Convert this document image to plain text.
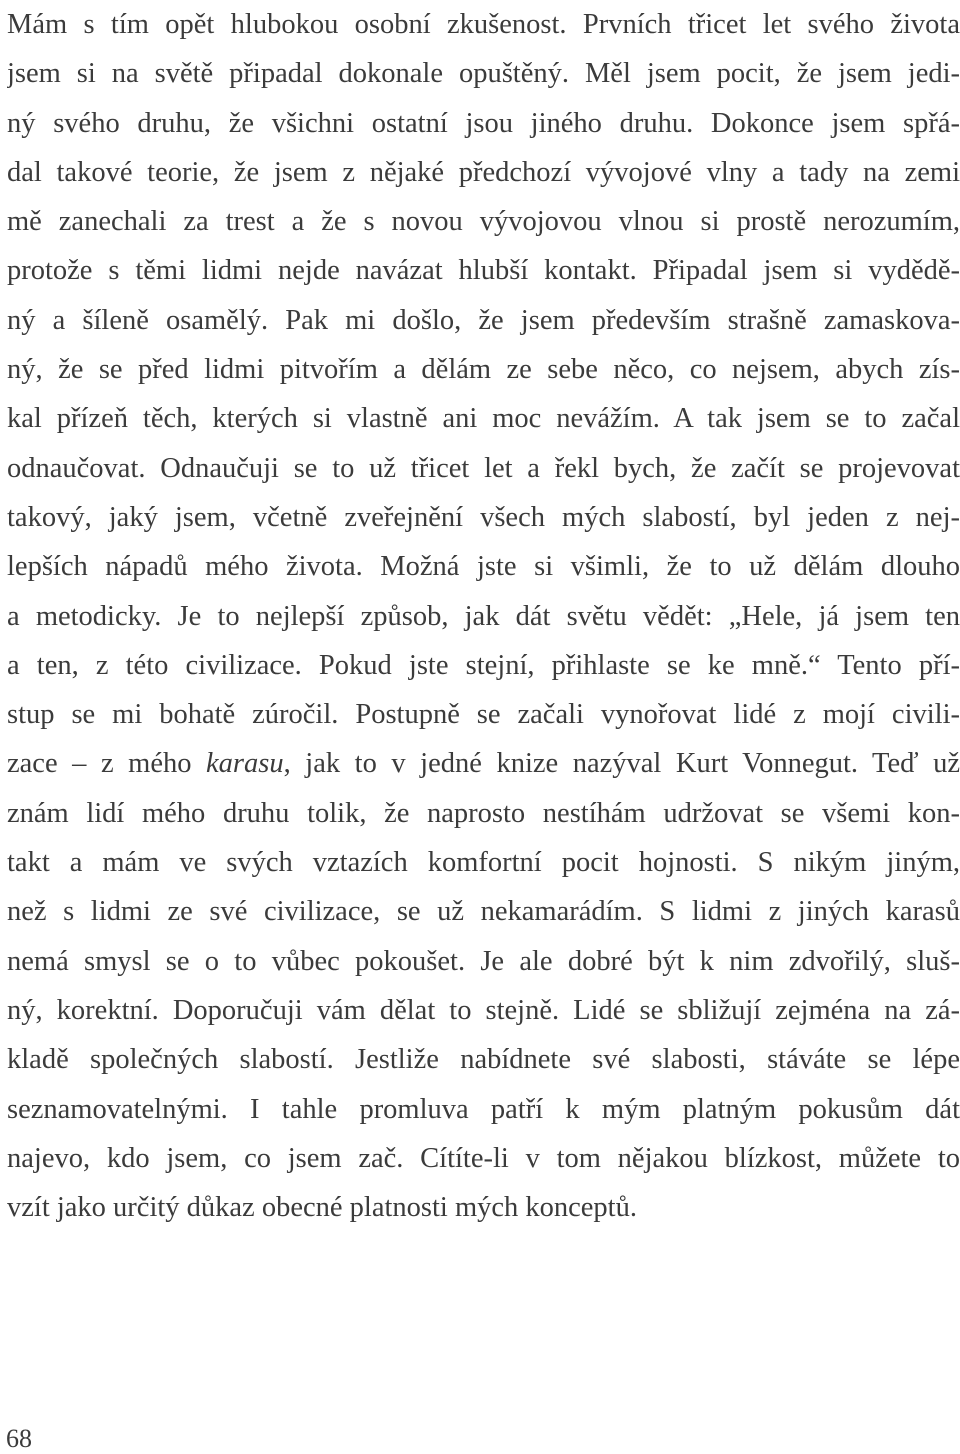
Mám s tím opět hlubokou osobní zkušenost. Prvních třicet let svého života
jsem si na světě připadal dokonale opuštěný. Měl jsem pocit, že jsem jedi-
ný svého druhu, že všichni ostatní jsou jiného druhu. Dokonce jsem spřá-
dal takové teorie, že jsem z nějaké předchozí vývojové vlny a tady na zemi
mě zanechali za trest a že s novou vývojovou vlnou si prostě nerozumím,
protože s těmi lidmi nejde navázat hlubší kontakt. Připadal jsem si vydědě-
ný a šíleně osamělý. Pak mi došlo, že jsem především strašně zamaskova-
ný, že se před lidmi pitvořím a dělám ze sebe něco, co nejsem, abych zís-
kal přízeň těch, kterých si vlastně ani moc nevážím. A tak jsem se to začal
odnaučovat. Odnaučuji se to už třicet let a řekl bych, že začít se projevovat
takový, jaký jsem, včetně zveřejnění všech mých slabostí, byl jeden z nej-
lepších nápadů mého života. Možná jste si všimli, že to už dělám dlouho
a metodicky. Je to nejlepší způsob, jak dát světu vědět: „Hele, já jsem ten
a ten, z této civilizace. Pokud jste stejní, přihlaste se ke mně.“ Tento pří-
stup se mi bohatě zúročil. Postupně se začali vynořovat lidé z mojí civili-
zace – z mého karasu, jak to v jedné knize nazýval Kurt Vonnegut. Teď už
znám lidí mého druhu tolik, že naprosto nestíhám udržovat se všemi kon-
takt a mám ve svých vztazích komfortní pocit hojnosti. S nikým jiným,
než s lidmi ze své civilizace, se už nekamarádím. S lidmi z jiných karasů
nemá smysl se o to vůbec pokoušet. Je ale dobré být k nim zdvořilý, sluš-
ný, korektní. Doporučuji vám dělat to stejně. Lidé se sbližují zejména na zá-
kladě společných slabostí. Jestliže nabídnete své slabosti, stáváte se lépe
seznamovatelnými. I tahle promluva patří k mým platným pokusům dát
najevo, kdo jsem, co jsem zač. Cítíte-li v tom nějakou blízkost, můžete to
vzít jako určitý důkaz obecné platnosti mých konceptů.
68
